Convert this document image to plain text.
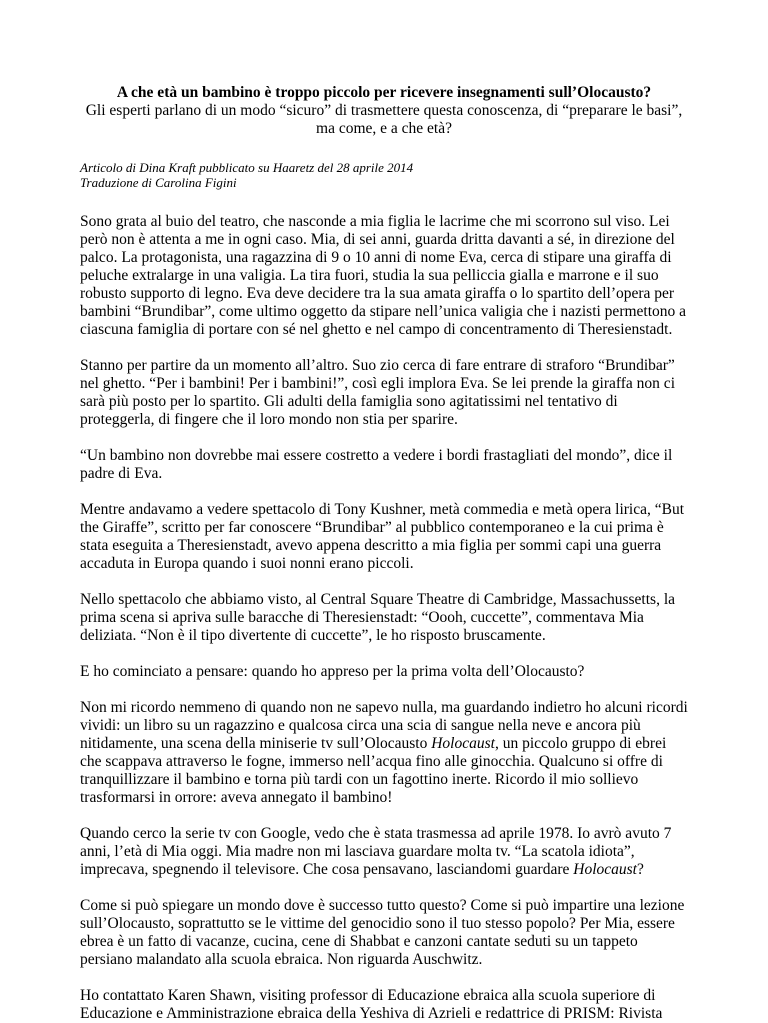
A che età un bambino è troppo piccolo per ricevere insegnamenti sull’Olocausto?

Gli esperti parlano di un modo “sicuro” di trasmettere questa conoscenza, di “preparare le basi”, ma come, e a che età?

Articolo di Dina Kraft pubblicato su Haaretz del 28 aprile 2014
Traduzione di Carolina Figini

Sono grata al buio del teatro, che nasconde a mia figlia le lacrime che mi scorrono sul viso. Lei però non è attenta a me in ogni caso. Mia, di sei anni, guarda dritta davanti a sé, in direzione del palco. La protagonista, una ragazzina di 9 o 10 anni di nome Eva, cerca di stipare una giraffa di peluche extralarge in una valigia. La tira fuori, studia la sua pelliccia gialla e marrone e il suo robusto supporto di legno. Eva deve decidere tra la sua amata giraffa o lo spartito dell’opera per bambini “Brundibar”, come ultimo oggetto da stipare nell’unica valigia che i nazisti permettono a ciascuna famiglia di portare con sé nel ghetto e nel campo di concentramento di Theresienstadt.

Stanno per partire da un momento all’altro. Suo zio cerca di fare entrare di straforo “Brundibar” nel ghetto. “Per i bambini! Per i bambini!”, così egli implora Eva. Se lei prende la giraffa non ci sarà più posto per lo spartito. Gli adulti della famiglia sono agitatissimi nel tentativo di proteggerla, di fingere che il loro mondo non stia per sparire.

“Un bambino non dovrebbe mai essere costretto a vedere i bordi frastagliati del mondo”, dice il padre di Eva.

Mentre andavamo a vedere spettacolo di Tony Kushner, metà commedia e metà opera lirica, “But the Giraffe”, scritto per far conoscere “Brundibar” al pubblico contemporaneo e la cui prima è stata eseguita a Theresienstadt, avevo appena descritto a mia figlia per sommi capi una guerra accaduta in Europa quando i suoi nonni erano piccoli.

Nello spettacolo che abbiamo visto, al Central Square Theatre di Cambridge, Massachussetts, la prima scena si apriva sulle baracche di Theresienstadt: “Oooh, cuccette”, commentava Mia deliziata. “Non è il tipo divertente di cuccette”, le ho risposto bruscamente.

E ho cominciato a pensare: quando ho appreso per la prima volta dell’Olocausto?

Non mi ricordo nemmeno di quando non ne sapevo nulla, ma guardando indietro ho alcuni ricordi vividi: un libro su un ragazzino e qualcosa circa una scia di sangue nella neve e ancora più nitidamente, una scena della miniserie tv sull’Olocausto Holocaust, un piccolo gruppo di ebrei che scappava attraverso le fogne, immerso nell’acqua fino alle ginocchia. Qualcuno si offre di tranquillizzare il bambino e torna più tardi con un fagottino inerte. Ricordo il mio sollievo trasformarsi in orrore: aveva annegato il bambino!

Quando cerco la serie tv con Google, vedo che è stata trasmessa ad aprile 1978. Io avrò avuto 7 anni, l’età di Mia oggi. Mia madre non mi lasciava guardare molta tv. “La scatola idiota”, imprecava, spegnendo il televisore. Che cosa pensavano, lasciandomi guardare Holocaust?

Come si può spiegare un mondo dove è successo tutto questo? Come si può impartire una lezione sull’Olocausto, soprattutto se le vittime del genocidio sono il tuo stesso popolo? Per Mia, essere ebrea è un fatto di vacanze, cucina, cene di Shabbat e canzoni cantate seduti su un tappeto persiano malandato alla scuola ebraica. Non riguarda Auschwitz.

Ho contattato Karen Shawn, visiting professor di Educazione ebraica alla scuola superiore di Educazione e Amministrazione ebraica della Yeshiva di Azrieli e redattrice di PRISM: Rivista
